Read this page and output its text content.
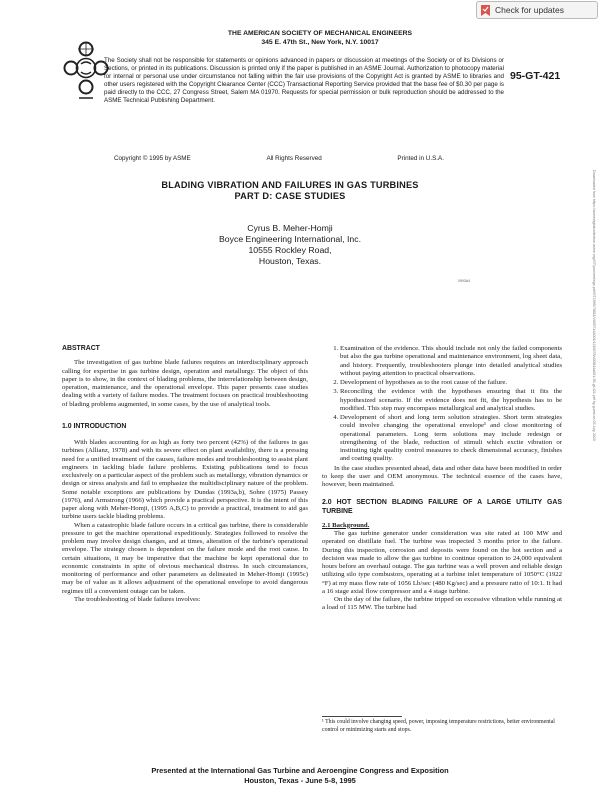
Check for updates
THE AMERICAN SOCIETY OF MECHANICAL ENGINEERS
345 E. 47th St., New York, N.Y. 10017
The Society shall not be responsible for statements or opinions advanced in papers or discussion at meetings of the Society or of its Divisions or Sections, or printed in its publications. Discussion is printed only if the paper is published in an ASME Journal. Authorization to photocopy material for internal or personal use under circumstance not falling within the fair use provisions of the Copyright Act is granted by ASME to libraries and other users registered with the Copyright Clearance Center (CCC) Transactional Reporting Service provided that the base fee of $0.30 per page is paid directly to the CCC, 27 Congress Street, Salem MA 01970. Requests for special permission or bulk reproduction should be addressed to the ASME Technical Publishing Department.
95-GT-421
Copyright © 1995 by ASME	All Rights Reserved	Printed in U.S.A.
Downloaded from https://asmedigitalcollection.asme.org/GT/proceedings-pdf/GT1995/78811/V005T14A001/4216578/v005t14a001-95-gt-421.pdf by guest on 03 July 2020
BLADING VIBRATION AND FAILURES IN GAS TURBINES
PART D: CASE STUDIES
Cyrus B. Meher-Homji
Boyce Engineering International, Inc.
10555 Rockley Road,
Houston, Texas.
0993A4

ABSTRACT

The investigation of gas turbine blade failures requires an interdisciplinary approach calling for expertise in gas turbine design, operation and metallurgy. The object of this paper is to show, in the context of blading problems, the interrelationship between design, operation, maintenance, and the operational envelope. This paper presents case studies dealing with a variety of failure modes. The treatment focuses on practical troubleshooting of blading problems augmented, in some cases, by the use of analytical tools.

1.0 INTRODUCTION

With blades accounting for as high as forty two percent (42%) of the failures in gas turbines (Allianz, 1978) and with its severe effect on plant availability, there is a pressing need for a unified treatment of the causes, failure modes and troubleshooting to assist plant engineers in tackling blade failure problems. Existing publications tend to focus exclusively on a particular aspect of the problem such as metallurgy, vibration dynamics or design or stress analysis and fail to emphasize the multidisciplinary nature of the problem. Some notable exceptions are publications by Dundas (1993a,b), Sohre (1975) Passey (1976), and Armstrong (1966) which provide a practical perspective. It is the intent of this paper along with Meher-Homji, (1995 A,B,C) to provide a practical, treatment to aid gas turbine users tackle blading problems.

When a catastrophic blade failure occurs in a critical gas turbine, there is considerable pressure to get the machine operational expeditiously. Strategies followed to resolve the problem may involve design changes, and at times, alteration of the turbine's operational envelope. The strategy chosen is dependent on the failure mode and the root cause. In certain situations, it may be imperative that the machine be kept operational due to economic constraints in spite of obvious mechanical distress. In such circumstances, monitoring of performance and other parameters as delineated in Meher-Homji (1995c) may be of value as it allows adjustment of the operational envelope to avoid dangerous regimes till a convenient outage can be taken.

The troubleshooting of blade failures involves:

1. Examination of the evidence. This should include not only the failed components but also the gas turbine operational and maintenance environment, log sheet data, and history. Frequently, troubleshooters plunge into detailed analytical studies without paying attention to practical observations.
2. Development of hypotheses as to the root cause of the failure.
3. Reconciling the evidence with the hypotheses ensuring that it fits the hypothesized scenario. If the evidence does not fit, the hypothesis has to be modified. This step may encompass metallurgical and analytical studies.
4. Development of short and long term solution strategies. Short term strategies could involve changing the operational envelope¹ and close monitoring of operational parameters. Long term solutions may include redesign or strengthening of the blade, reduction of stimuli which excite vibration or instituting tight quality control measures to check dimensional accuracy, finishes and coating quality.

In the case studies presented ahead, data and other data have been modified in order to keep the user and OEM anonymous. The technical essence of the cases have, however, been maintained.

2.0 HOT SECTION BLADING FAILURE OF A LARGE UTILITY GAS TURBINE

2.1 Background.

The gas turbine generator under consideration was site rated at 100 MW and operated on distillate fuel. The turbine was inspected 3 months prior to the failure. During this inspection, corrosion and deposits were found on the hot section and a decision was made to allow the gas turbine to continue operation to 24,000 equivalent hours before an overhaul outage. The gas turbine was a well proven and reliable design utilizing silo type combustors, operating at a turbine inlet temperature of 1050°C (1922 °F) at my mass flow rate of 1056 Lb/sec (480 Kg/sec) and a pressure ratio of 10:1. It had a 16 stage axial flow compressor and a 4 stage turbine.

On the day of the failure, the turbine tripped on excessive vibration while running at a load of 115 MW. The turbine had

¹ This could involve changing speed, power, imposing temperature restrictions, better environmental control or minimizing starts and stops.
Presented at the International Gas Turbine and Aeroengine Congress and Exposition
Houston, Texas - June 5-8, 1995
